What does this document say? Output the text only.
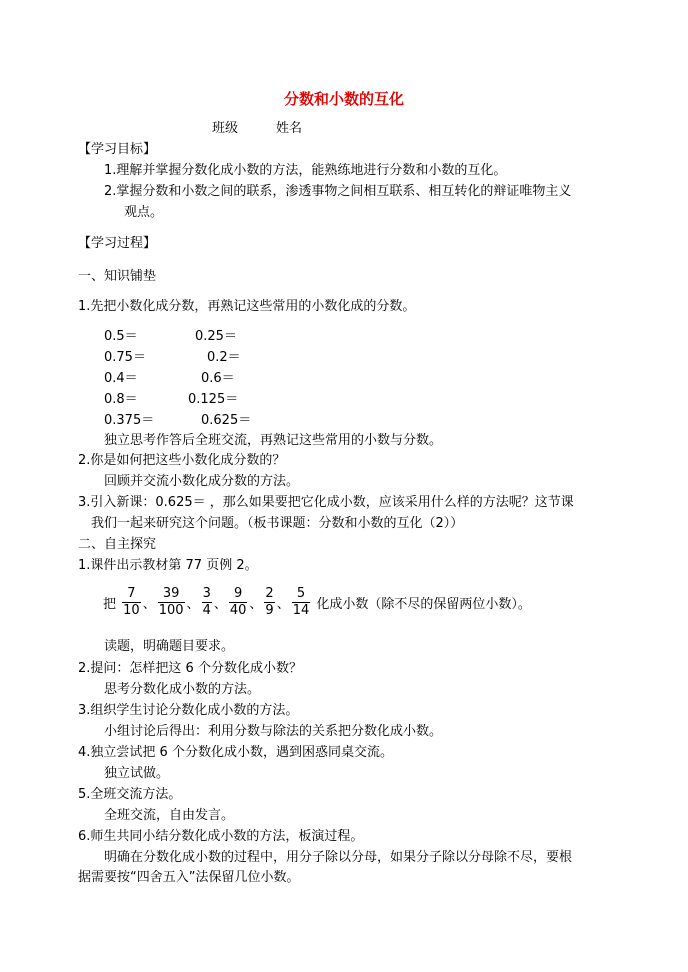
分数和小数的互化
班级	姓名
【学习目标】
1.理解并掌握分数化成小数的方法，能熟练地进行分数和小数的互化。
2.掌握分数和小数之间的联系，渗透事物之间相互联系、相互转化的辩证唯物主义
观点。
【学习过程】
一、知识铺垫
1.先把小数化成分数，再熟记这些常用的小数化成的分数。
0.5＝	0.25＝
0.75＝	0.2＝
0.4＝	0.6＝
0.8＝	0.125＝
0.375＝	0.625＝
独立思考作答后全班交流，再熟记这些常用的小数与分数。
2.你是如何把这些小数化成分数的？
回顾并交流小数化成分数的方法。
3.引入新课：0.625＝ ，那么如果要把它化成小数，应该采用什么样的方法呢？这节课
我们一起来研究这个问题。（板书课题：分数和小数的互化（2））
二、自主探究
1.课件出示教材第 77 页例 2。
把 $\frac{7}{10}$ 、 $\frac{39}{100}$ 、 $\frac{3}{4}$ 、 $\frac{9}{40}$ 、 $\frac{2}{9}$ 、 $\frac{5}{14}$ 化成小数（除不尽的保留两位小数）。
读题，明确题目要求。
2.提问：怎样把这 6 个分数化成小数？
思考分数化成小数的方法。
3.组织学生讨论分数化成小数的方法。
小组讨论后得出：利用分数与除法的关系把分数化成小数。
4.独立尝试把 6 个分数化成小数，遇到困惑同桌交流。
独立试做。
5.全班交流方法。
全班交流，自由发言。
6.师生共同小结分数化成小数的方法，板演过程。
明确在分数化成小数的过程中，用分子除以分母，如果分子除以分母除不尽，要根
据需要按“四舍五入”法保留几位小数。
